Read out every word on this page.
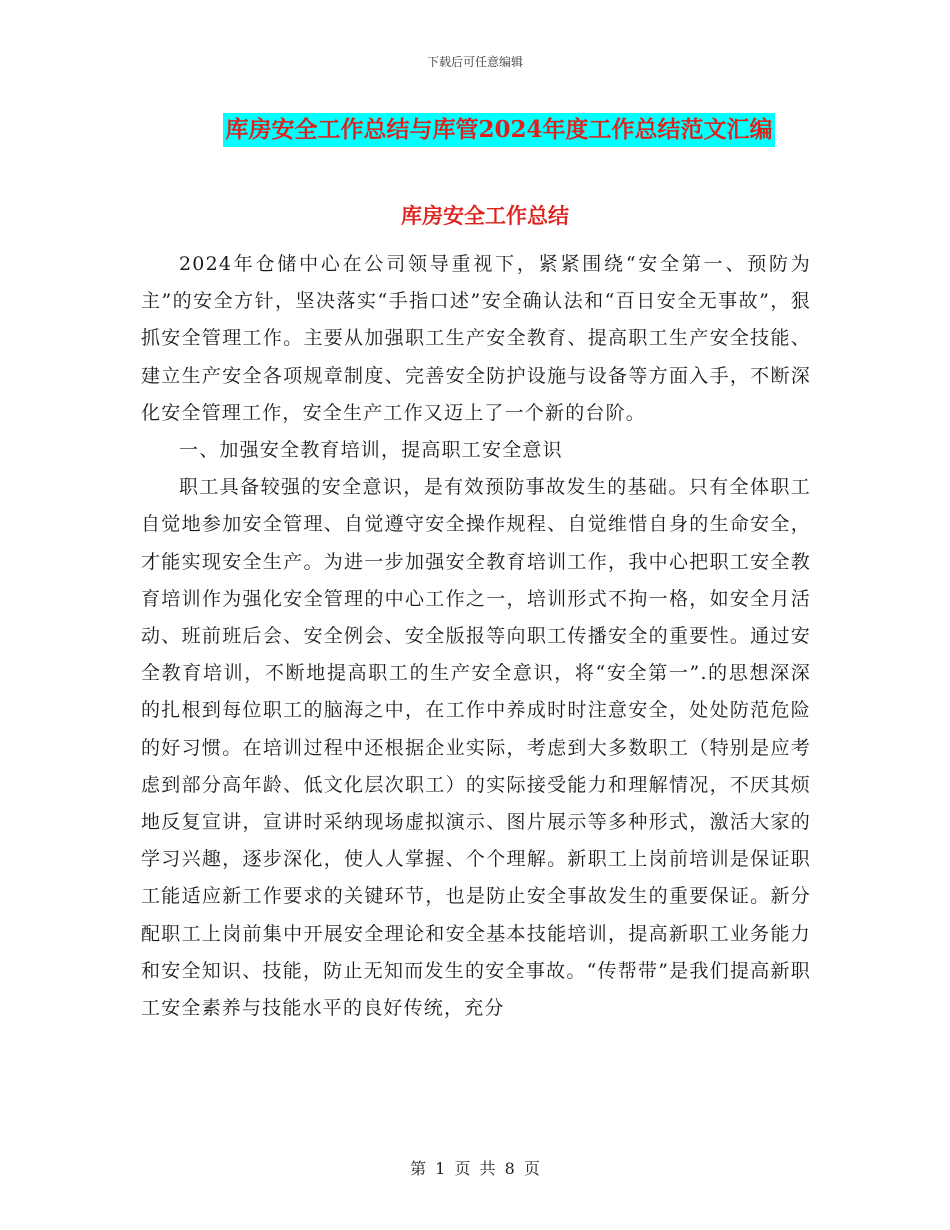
下载后可任意编辑
库房安全工作总结与库管2024年度工作总结范文汇编
库房安全工作总结

2024年仓储中心在公司领导重视下，紧紧围绕“安全第一、预防为主”的安全方针，坚决落实“手指口述”安全确认法和“百日安全无事故”，狠抓安全管理工作。主要从加强职工生产安全教育、提高职工生产安全技能、建立生产安全各项规章制度、完善安全防护设施与设备等方面入手，不断深化安全管理工作，安全生产工作又迈上了一个新的台阶。

一、加强安全教育培训，提高职工安全意识

职工具备较强的安全意识，是有效预防事故发生的基础。只有全体职工自觉地参加安全管理、自觉遵守安全操作规程、自觉维惜自身的生命安全，才能实现安全生产。为进一步加强安全教育培训工作，我中心把职工安全教育培训作为强化安全管理的中心工作之一，培训形式不拘一格，如安全月活动、班前班后会、安全例会、安全版报等向职工传播安全的重要性。通过安全教育培训，不断地提高职工的生产安全意识，将“安全第一”.的思想深深的扎根到每位职工的脑海之中，在工作中养成时时注意安全，处处防范危险的好习惯。在培训过程中还根据企业实际，考虑到大多数职工（特别是应考虑到部分高年龄、低文化层次职工）的实际接受能力和理解情况，不厌其烦地反复宣讲，宣讲时采纳现场虚拟演示、图片展示等多种形式，激活大家的学习兴趣，逐步深化，使人人掌握、个个理解。新职工上岗前培训是保证职工能适应新工作要求的关键环节，也是防止安全事故发生的重要保证。新分配职工上岗前集中开展安全理论和安全基本技能培训，提高新职工业务能力和安全知识、技能，防止无知而发生的安全事故。“传帮带”是我们提高新职工安全素养与技能水平的良好传统，充分

第 1 页 共 8 页
